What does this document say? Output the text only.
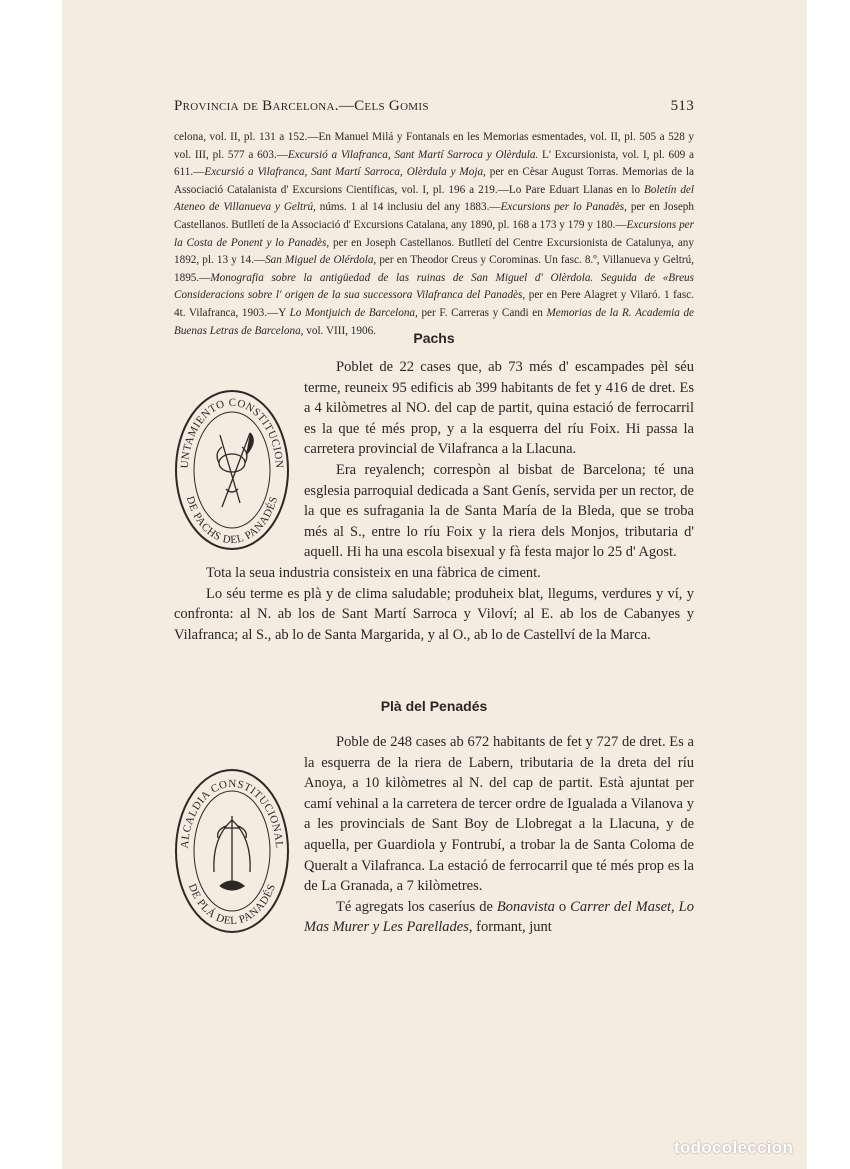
Provincia de Barcelona.—Cels Gomis	513

celona, vol. II, pl. 131 a 152.—En Manuel Milá y Fontanals en les Memorias esmentades, vol. II, pl. 505 a 528 y vol. III, pl. 577 a 603.—Excursió a Vilafranca, Sant Martí Sarroca y Olèrdula. L' Excursionista, vol. I, pl. 609 a 611.—Excursió a Vilafranca, Sant Martí Sarroca, Olèrdula y Moja, per en Cèsar August Torras. Memorias de la Associació Catalanista d' Excursions Científicas, vol. I, pl. 196 a 219.—Lo Pare Eduart Llanas en lo Boletín del Ateneo de Villanueva y Geltrú, núms. 1 al 14 inclusiu del any 1883.—Excursions per lo Panadès, per en Joseph Castellanos. Butlletí de la Associació d' Excursions Catalana, any 1890, pl. 168 a 173 y 179 y 180.—Excursions per la Costa de Ponent y lo Panadès, per en Joseph Castellanos. Butlletí del Centre Excursionista de Catalunya, any 1892, pl. 13 y 14.—San Miguel de Olérdola, per en Theodor Creus y Corominas. Un fasc. 8.º, Villanueva y Geltrú, 1895.—Monografia sobre la antigüedad de las ruinas de San Miguel d' Olèrdola. Seguida de «Breus Consideracions sobre l' origen de la sua successora Vilafranca del Panadès, per en Pere Alagret y Vilaró. 1 fasc. 4t. Vilafranca, 1903.—Y Lo Montjuich de Barcelona, per F. Carreras y Candi en Memorias de la R. Academia de Buenas Letras de Barcelona, vol. VIII, 1906.	Pachs
Plà del Penadés
ALCALDIA CONSTITUCIONAL
DE PLÁ DEL PANADÉS

Poble de 248 cases ab 672 habitants de fet y 727 de dret. Es a la esquerra de la riera de Labern, tributaria de la dreta del ríu Anoya, a 10 kilòmetres al N. del cap de partit. Està ajuntat per camí vehinal a la carretera de tercer ordre de Igualada a Vilanova y a les provincials de Sant Boy de Llobregat a la Llacuna, y de aquella, per Guardiola y Fontrubí, a trobar la de Santa Coloma de Queralt a Vilafranca. La estació de ferrocarril que té més prop es la de La Granada, a 7 kilòmetres.

Té agregats los caseríus de Bonavista o Carrer del Maset, Lo Mas Murer y Les Parellades, formant, junt

UNTAMIENTO CONSTITUCION
DE PACHS DEL PANADÉS

Poblet de 22 cases que, ab 73 més d' escampades pèl séu terme, reuneix 95 edificis ab 399 habitants de fet y 416 de dret. Es a 4 kilòmetres al NO. del cap de partit, quina estació de ferrocarril es la que té més prop, y a la esquerra del ríu Foix. Hi passa la carretera provincial de Vilafranca a la Llacuna.

Era reyalench; correspòn al bisbat de Barcelona; té una esglesia parroquial dedicada a Sant Genís, servida per un rector, de la que es sufragania la de Santa María de la Bleda, que se troba més al S., entre lo ríu Foix y la riera dels Monjos, tributaria d' aquell. Hi ha una escola bisexual y fà festa major lo 25 d' Agost.

Tota la seua industria consisteix en una fàbrica de ciment.

Lo séu terme es plà y de clima saludable; produheix blat, llegums, verdures y ví, y confronta: al N. ab los de Sant Martí Sarroca y Viloví; al E. ab los de Cabanyes y Vilafranca; al S., ab lo de Santa Margarida, y al O., ab lo de Castellví de la Marca.

todocoleccion
